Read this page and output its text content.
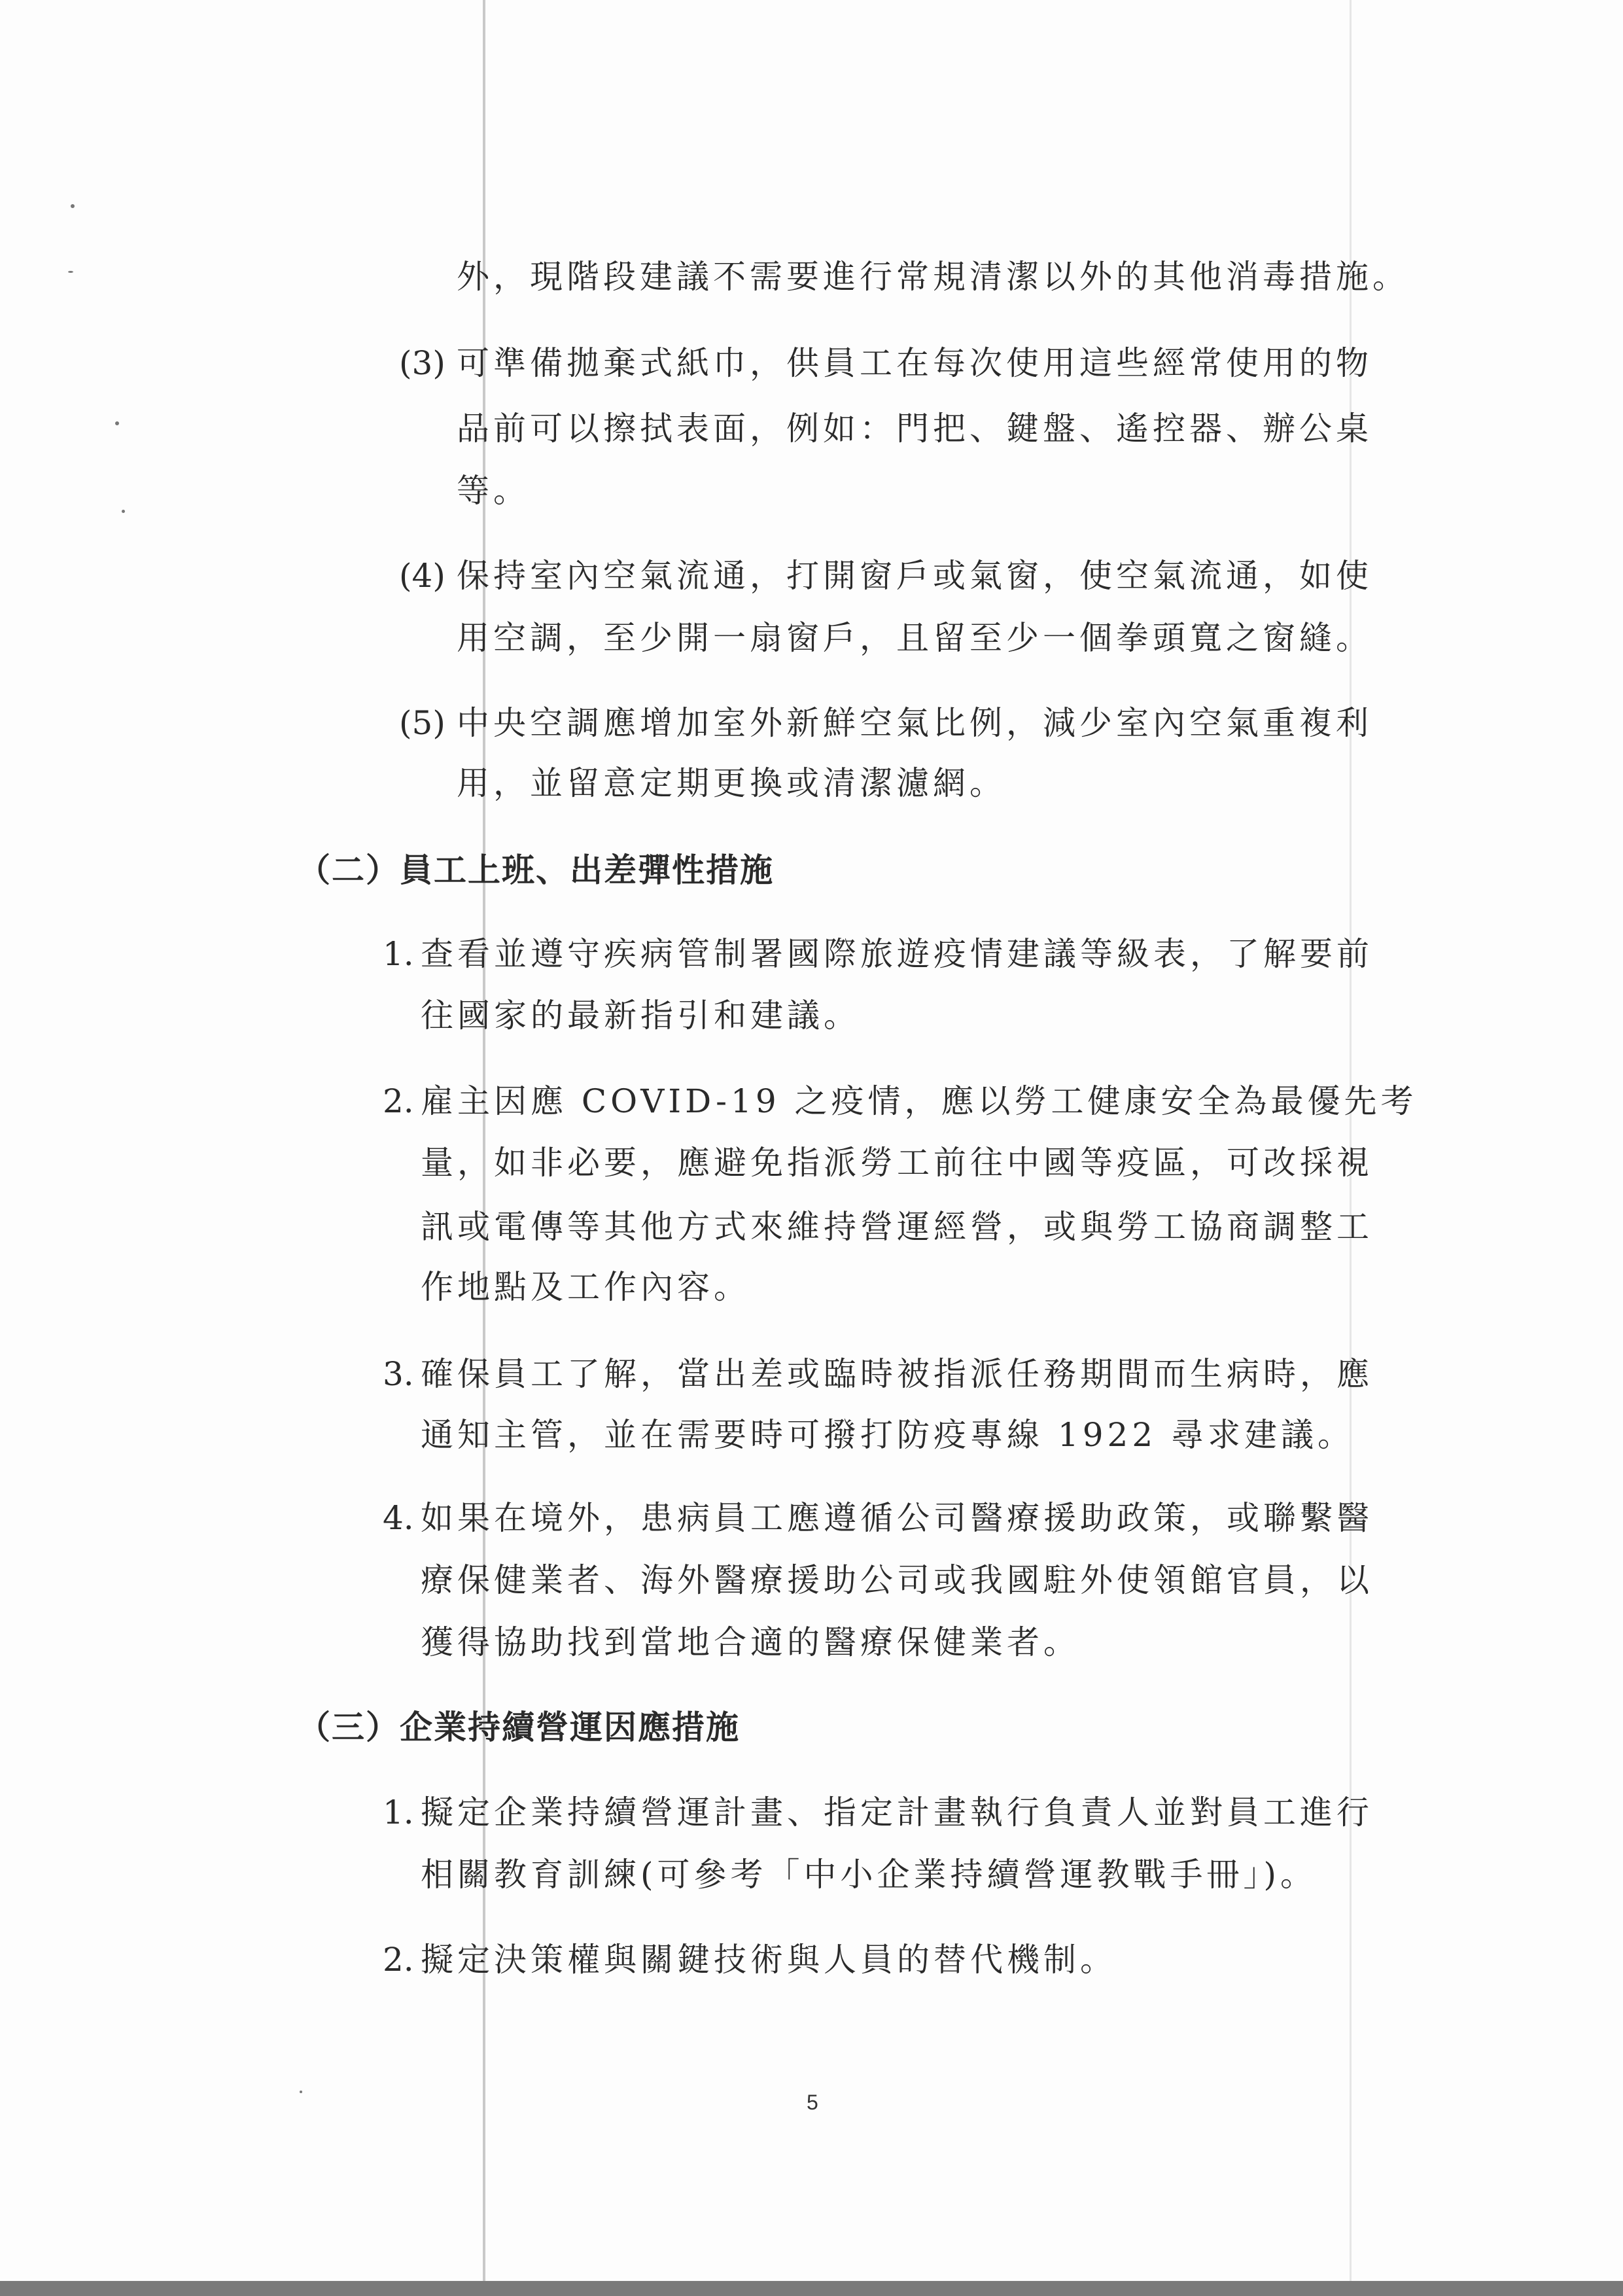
外，現階段建議不需要進行常規清潔以外的其他消毒措施。
(3) 可準備拋棄式紙巾，供員工在每次使用這些經常使用的物
品前可以擦拭表面，例如：門把、鍵盤、遙控器、辦公桌
等。
(4) 保持室內空氣流通，打開窗戶或氣窗，使空氣流通，如使
用空調，至少開一扇窗戶，且留至少一個拳頭寬之窗縫。
(5) 中央空調應增加室外新鮮空氣比例，減少室內空氣重複利
用，並留意定期更換或清潔濾網。
（二）員工上班、出差彈性措施
1. 查看並遵守疾病管制署國際旅遊疫情建議等級表，了解要前
往國家的最新指引和建議。
2. 雇主因應 COVID-19 之疫情，應以勞工健康安全為最優先考
量，如非必要，應避免指派勞工前往中國等疫區，可改採視
訊或電傳等其他方式來維持營運經營，或與勞工協商調整工
作地點及工作內容。
3. 確保員工了解，當出差或臨時被指派任務期間而生病時，應
通知主管，並在需要時可撥打防疫專線 1922 尋求建議。
4. 如果在境外，患病員工應遵循公司醫療援助政策，或聯繫醫
療保健業者、海外醫療援助公司或我國駐外使領館官員，以
獲得協助找到當地合適的醫療保健業者。
（三）企業持續營運因應措施
1. 擬定企業持續營運計畫、指定計畫執行負責人並對員工進行
相關教育訓練(可參考「中小企業持續營運教戰手冊」)。
2. 擬定決策權與關鍵技術與人員的替代機制。
5
